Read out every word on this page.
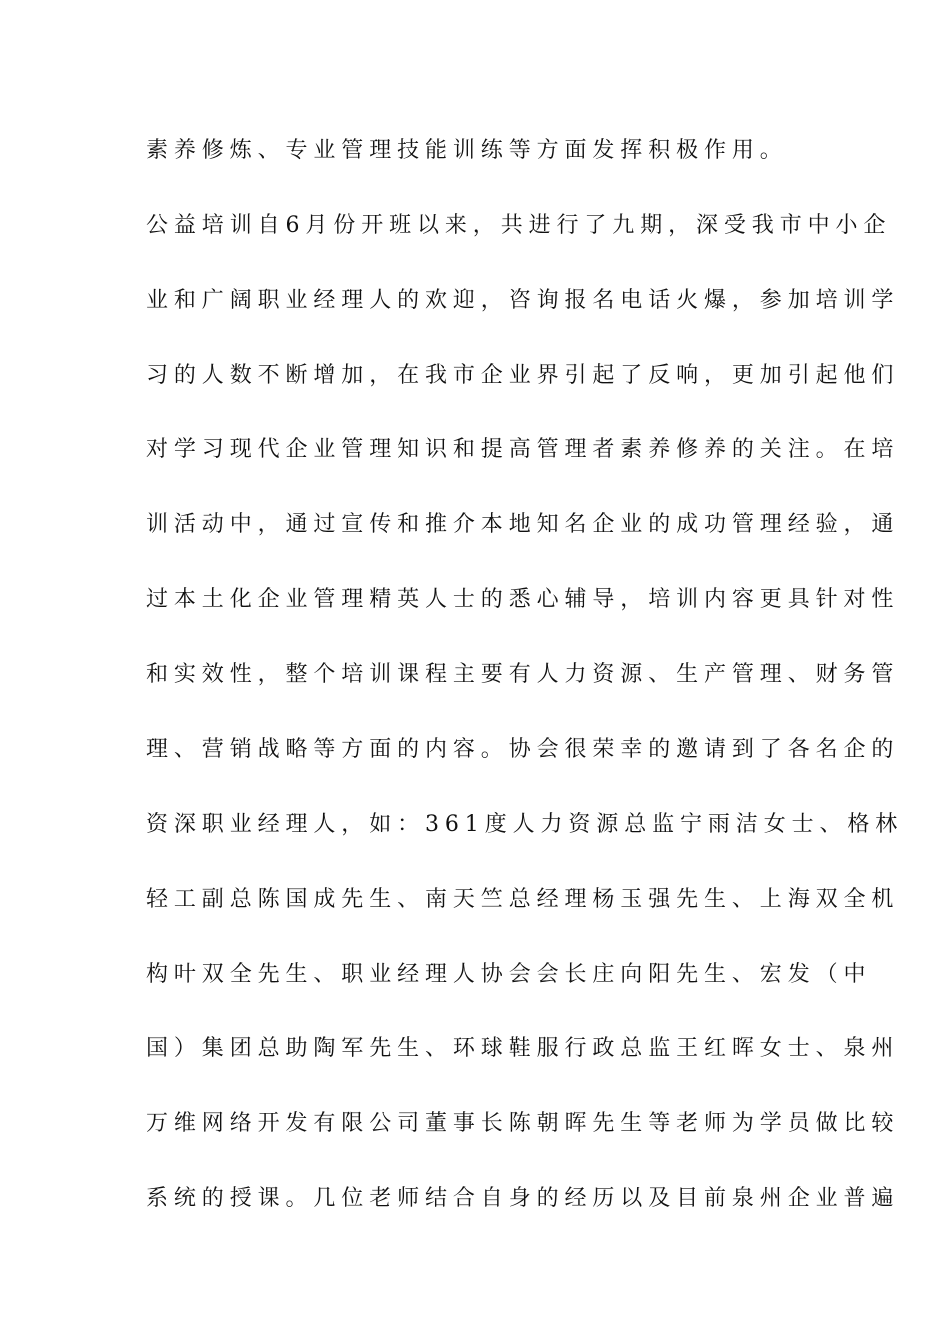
素养修炼、专业管理技能训练等方面发挥积极作用。
公益培训自6月份开班以来，共进行了九期，深受我市中小企
业和广阔职业经理人的欢迎，咨询报名电话火爆，参加培训学
习的人数不断增加，在我市企业界引起了反响，更加引起他们
对学习现代企业管理知识和提高管理者素养修养的关注。在培
训活动中，通过宣传和推介本地知名企业的成功管理经验，通
过本土化企业管理精英人士的悉心辅导，培训内容更具针对性
和实效性，整个培训课程主要有人力资源、生产管理、财务管
理、营销战略等方面的内容。协会很荣幸的邀请到了各名企的
资深职业经理人，如：361度人力资源总监宁雨洁女士、格林
轻工副总陈国成先生、南天竺总经理杨玉强先生、上海双全机
构叶双全先生、职业经理人协会会长庄向阳先生、宏发（中
国）集团总助陶军先生、环球鞋服行政总监王红晖女士、泉州
万维网络开发有限公司董事长陈朝晖先生等老师为学员做比较
系统的授课。几位老师结合自身的经历以及目前泉州企业普遍
